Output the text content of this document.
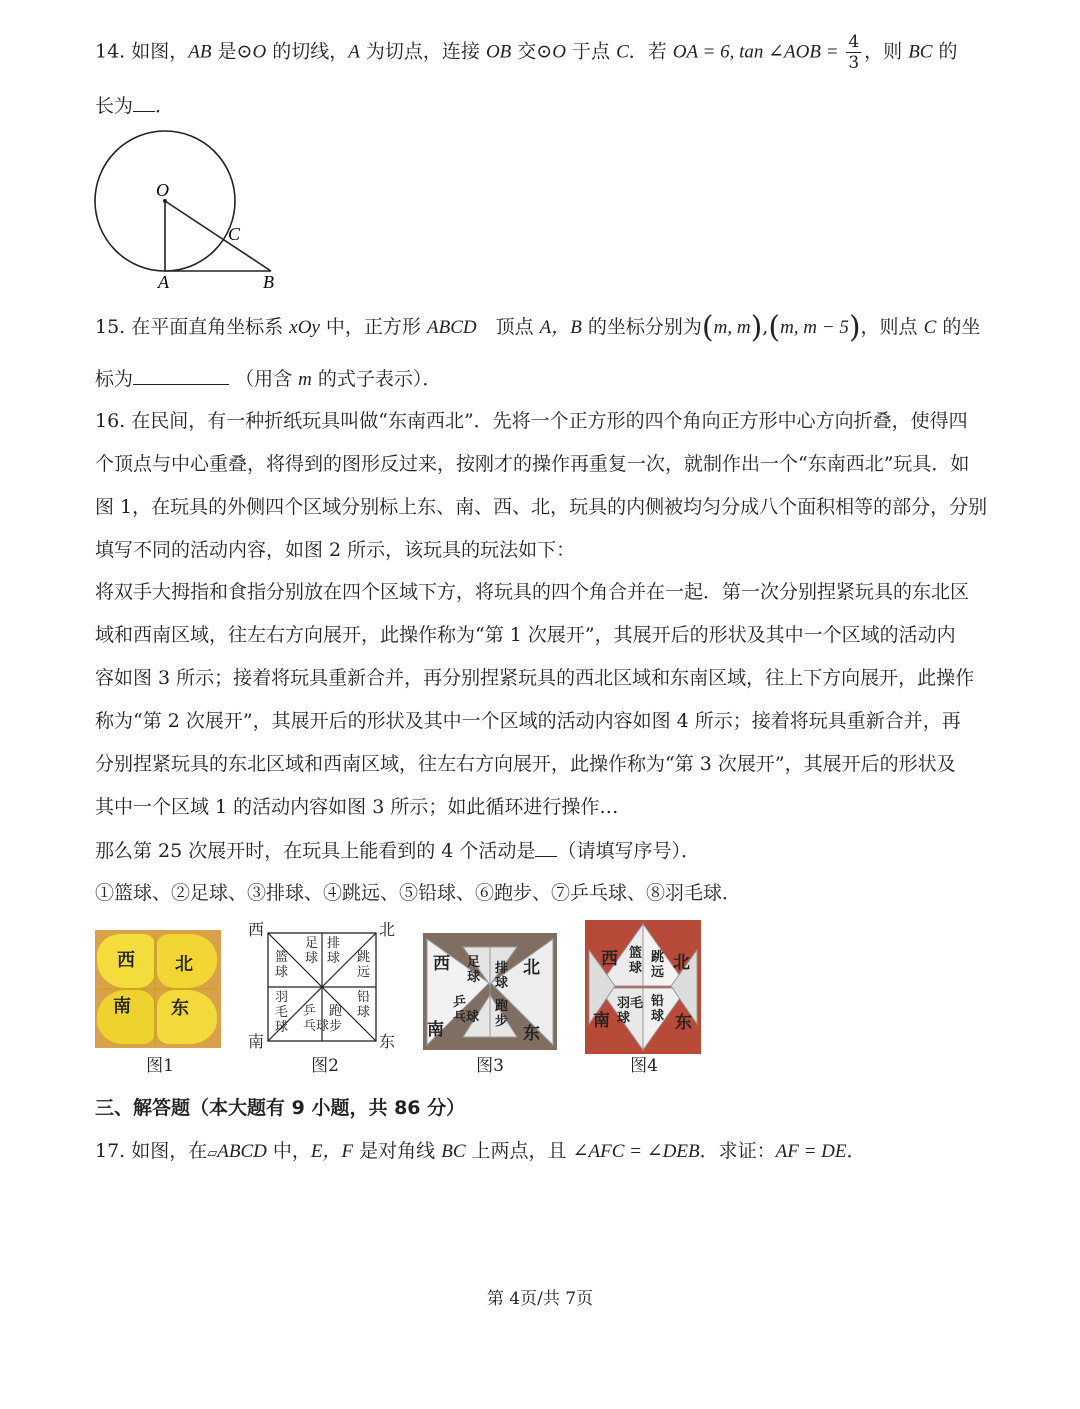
14. 如图，AB 是⊙O 的切线，A 为切点，连接 OB 交⊙O 于点 C．若 OA = 6, tan ∠AOB = $\frac{4}{3}$ ，则 BC 的
长为 ．
O
C
A	B
15. 在平面直角坐标系 xOy 中，正方形 ABCD　顶点 A，B 的坐标分别为(m, m),(m, m − 5)，则点 C 的坐
标为	（用含 m 的式子表示）．
16. 在民间，有一种折纸玩具叫做“东南西北”．先将一个正方形的四个角向正方形中心方向折叠，使得四
个顶点与中心重叠，将得到的图形反过来，按刚才的操作再重复一次，就制作出一个“东南西北”玩具．如
图 1，在玩具的外侧四个区域分别标上东、南、西、北，玩具的内侧被均匀分成八个面积相等的部分，分别
填写不同的活动内容，如图 2 所示，该玩具的玩法如下：
将双手大拇指和食指分别放在四个区域下方，将玩具的四个角合并在一起．第一次分别捏紧玩具的东北区
域和西南区域，往左右方向展开，此操作称为“第 1 次展开”，其展开后的形状及其中一个区域的活动内
容如图 3 所示；接着将玩具重新合并，再分别捏紧玩具的西北区域和东南区域，往上下方向展开，此操作
称为“第 2 次展开”，其展开后的形状及其中一个区域的活动内容如图 4 所示；接着将玩具重新合并，再
分别捏紧玩具的东北区域和西南区域，往左右方向展开，此操作称为“第 3 次展开”，其展开后的形状及
其中一个区域 1 的活动内容如图 3 所示；如此循环进行操作…
那么第 25 次展开时，在玩具上能看到的 4 个活动是 （请填写序号）．
①篮球、②足球、③排球、④跳远、⑤铅球、⑥跑步、⑦乒乓球、⑧羽毛球．
西 北
南 东
图1
西	北
南	东
足
球
排
球
篮
球
跳
远
羽
毛
球
铅
球
乒
乓球
跑
步
图2
西	北
南	东
足
球
排
球
乒
乓球
跑
步
图3
西	北
南	东
篮
球
跳
远
羽毛
球
铅
球
图4
三、解答题（本大题有 9 小题，共 86 分）
17. 如图，在▱ABCD 中，E，F 是对角线 BC 上两点，且 ∠AFC = ∠DEB．求证：AF = DE．
第 4页/共 7页
